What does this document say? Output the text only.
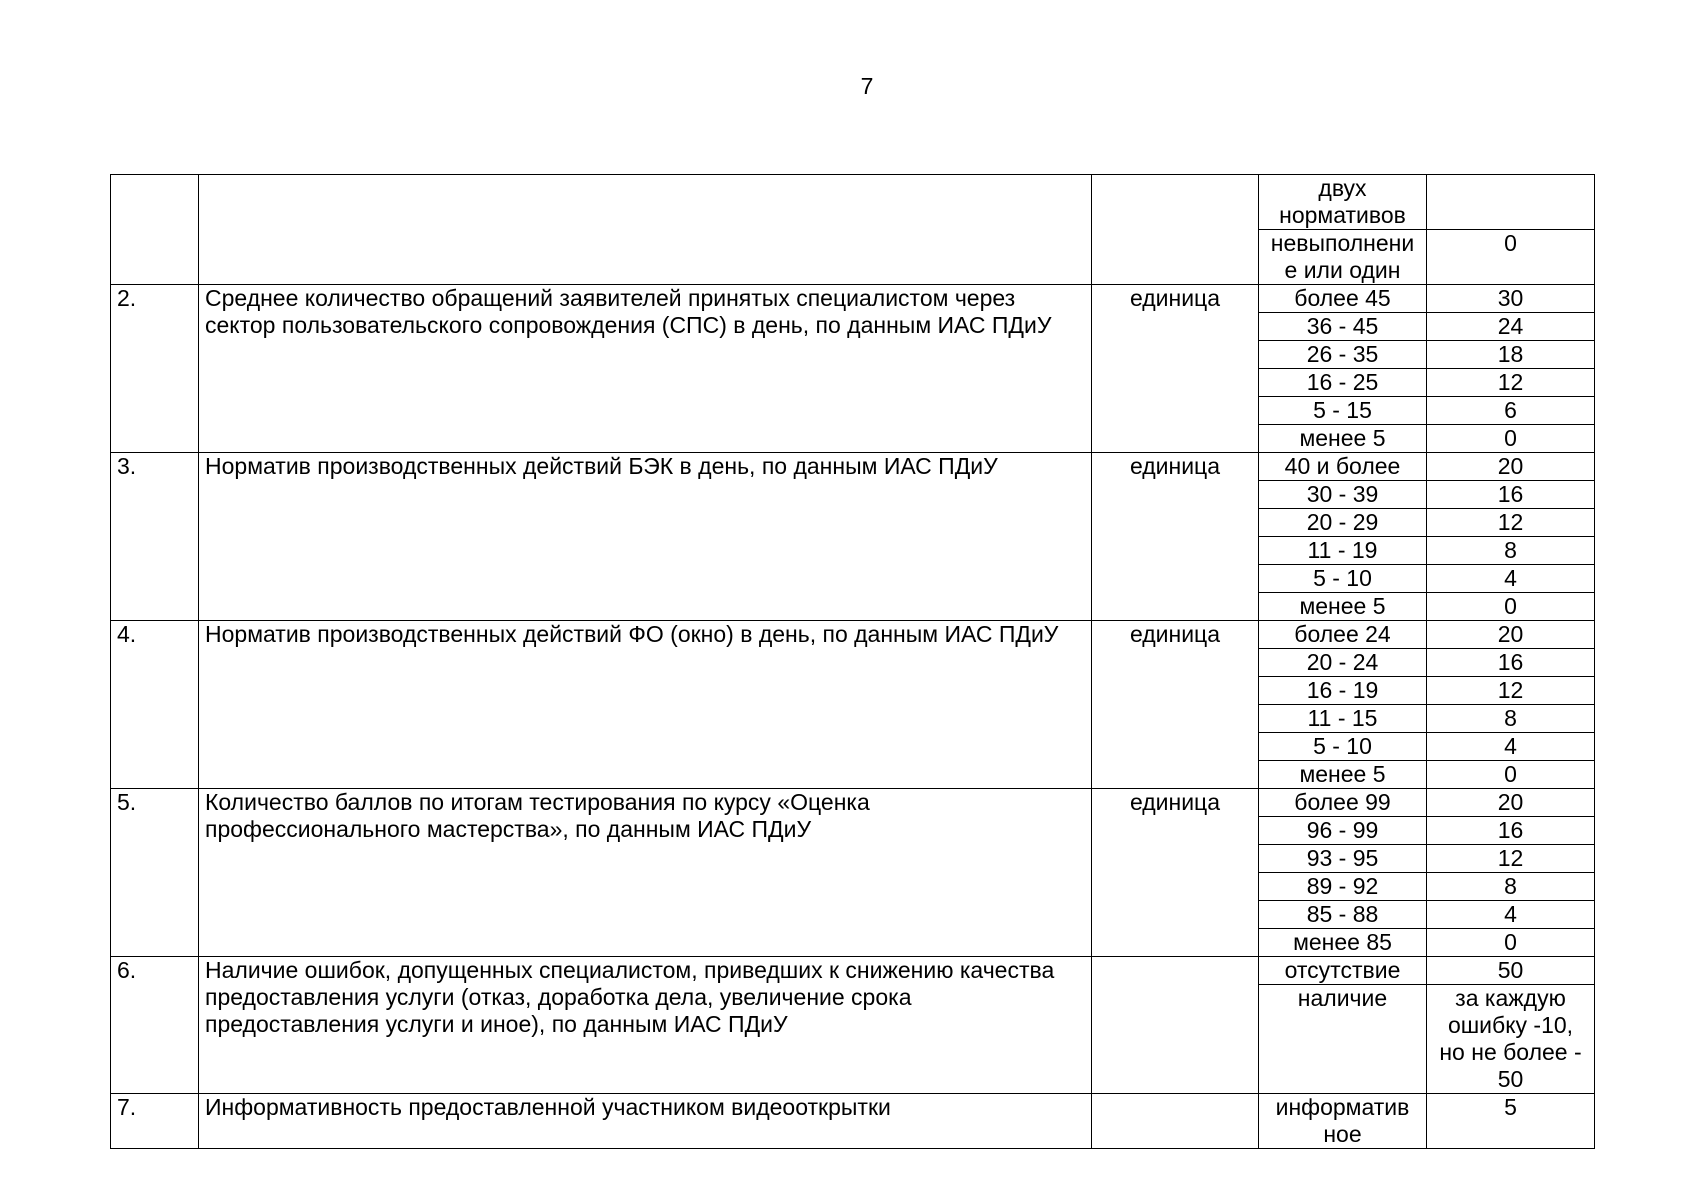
7
			двух нормативов	
			невыполнени е или один	0
2.	Среднее количество обращений заявителей принятых специалистом через сектор пользовательского сопровождения (СПС) в день, по данным ИАС ПДиУ	единица	более 45	30
			36 - 45	24
			26 - 35	18
			16 - 25	12
			5 - 15	6
			менее 5	0
3.	Норматив производственных действий БЭК в день, по данным ИАС ПДиУ	единица	40 и более	20
			30 - 39	16
			20 - 29	12
			11 - 19	8
			5 - 10	4
			менее 5	0
4.	Норматив производственных действий ФО (окно) в день, по данным ИАС ПДиУ	единица	более 24	20
			20 - 24	16
			16 - 19	12
			11 - 15	8
			5 - 10	4
			менее 5	0
5.	Количество баллов по итогам тестирования по курсу «Оценка профессионального мастерства», по данным ИАС ПДиУ	единица	более 99	20
			96 - 99	16
			93 - 95	12
			89 - 92	8
			85 - 88	4
			менее 85	0
6.	Наличие ошибок, допущенных специалистом, приведших к снижению качества предоставления услуги (отказ, доработка дела, увеличение срока предоставления услуги и иное), по данным ИАС ПДиУ		отсутствие	50
			наличие	за каждую ошибку -10, но не более - 50
7.	Информативность предоставленной участником видеооткрытки		информатив ное	5
